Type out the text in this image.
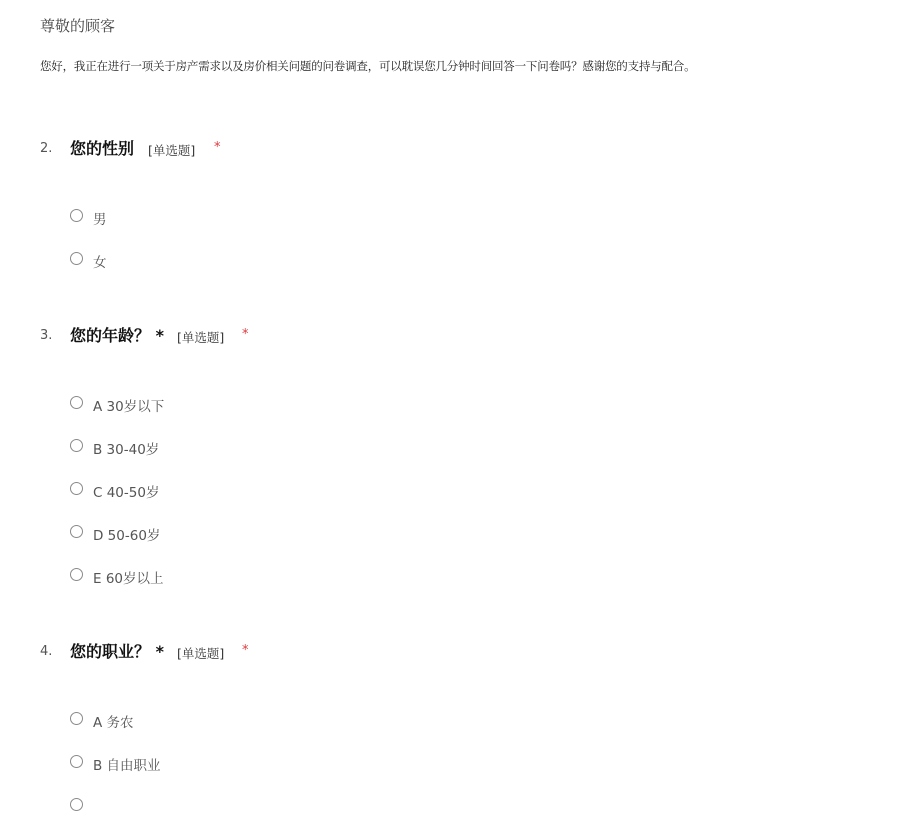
尊敬的顾客
您好，我正在进行一项关于房产需求以及房价相关问题的问卷调查，可以耽误您几分钟时间回答一下问卷吗？感谢您的支持与配合。
2. 您的性别 [单选题] *
男
女
3. 您的年龄？ * [单选题] *
A 30岁以下
B 30-40岁
C 40-50岁
D 50-60岁
E 60岁以上
4. 您的职业？ * [单选题] *
A 务农
B 自由职业
